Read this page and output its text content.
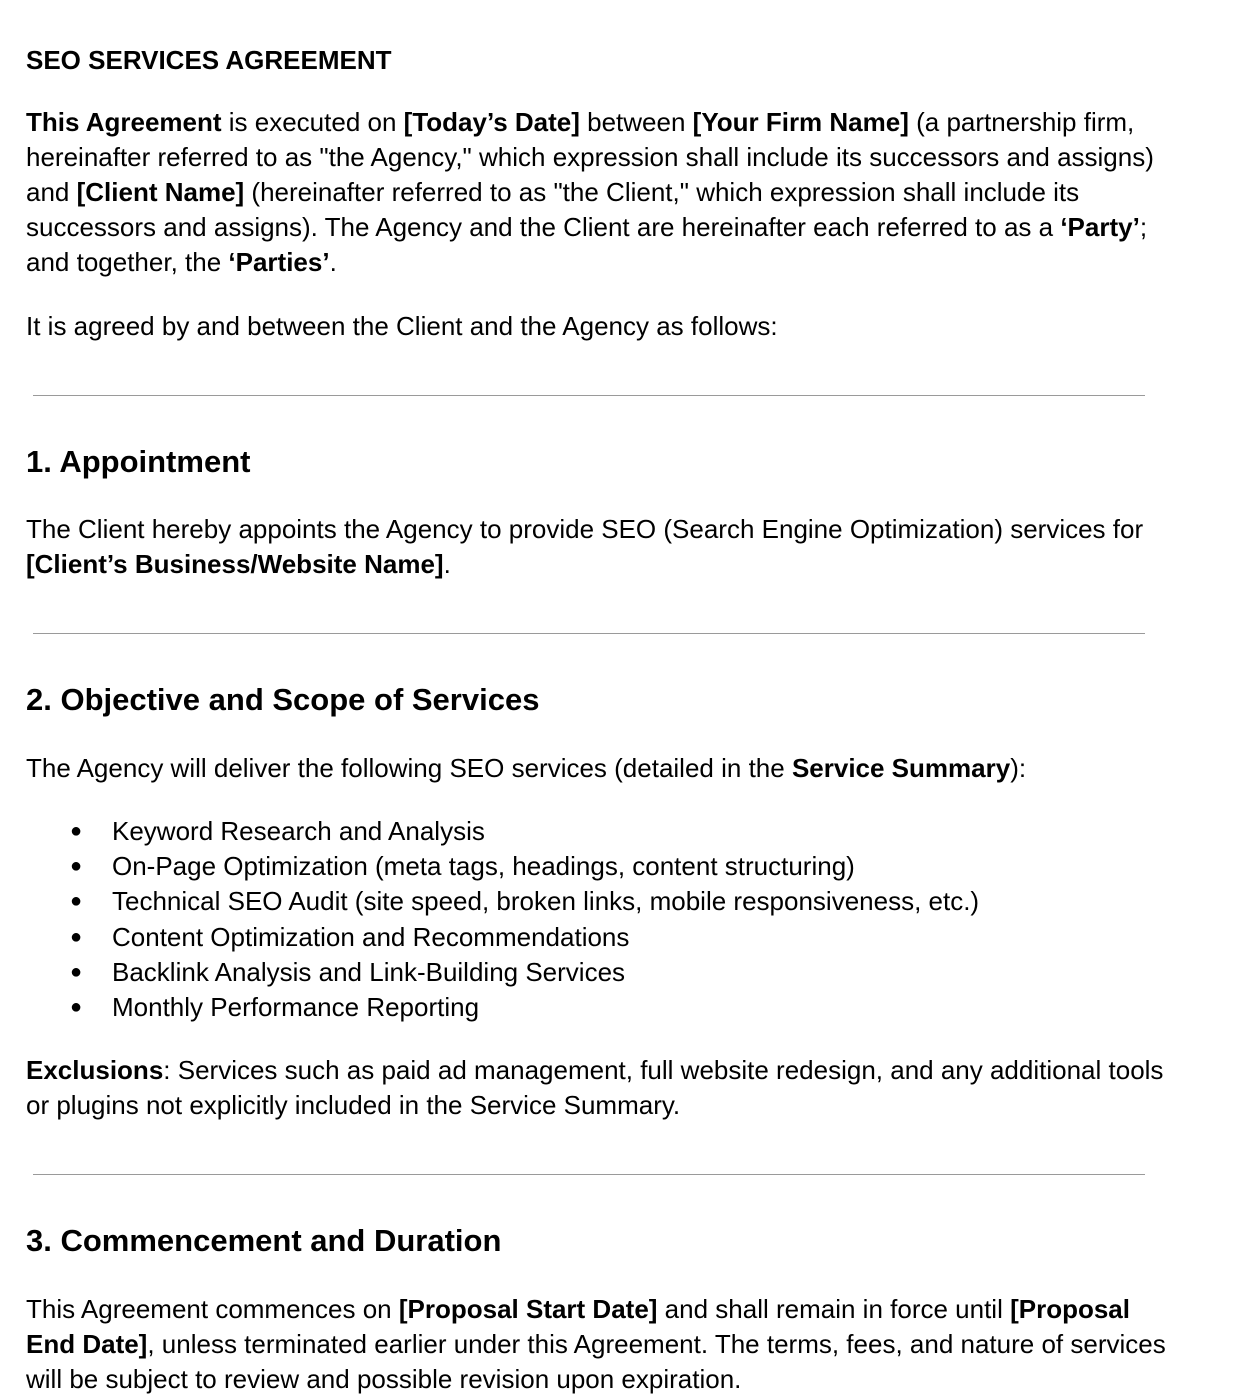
SEO SERVICES AGREEMENT

This Agreement is executed on [Today’s Date] between [Your Firm Name] (a partnership firm, hereinafter referred to as "the Agency," which expression shall include its successors and assigns) and [Client Name] (hereinafter referred to as "the Client," which expression shall include its successors and assigns). The Agency and the Client are hereinafter each referred to as a ‘Party’; and together, the ‘Parties’.

It is agreed by and between the Client and the Agency as follows:

1. Appointment

The Client hereby appoints the Agency to provide SEO (Search Engine Optimization) services for [Client’s Business/Website Name].

2. Objective and Scope of Services

The Agency will deliver the following SEO services (detailed in the Service Summary):

● Keyword Research and Analysis
● On-Page Optimization (meta tags, headings, content structuring)
● Technical SEO Audit (site speed, broken links, mobile responsiveness, etc.)
● Content Optimization and Recommendations
● Backlink Analysis and Link-Building Services
● Monthly Performance Reporting

Exclusions: Services such as paid ad management, full website redesign, and any additional tools or plugins not explicitly included in the Service Summary.

3. Commencement and Duration

This Agreement commences on [Proposal Start Date] and shall remain in force until [Proposal End Date], unless terminated earlier under this Agreement. The terms, fees, and nature of services will be subject to review and possible revision upon expiration.
